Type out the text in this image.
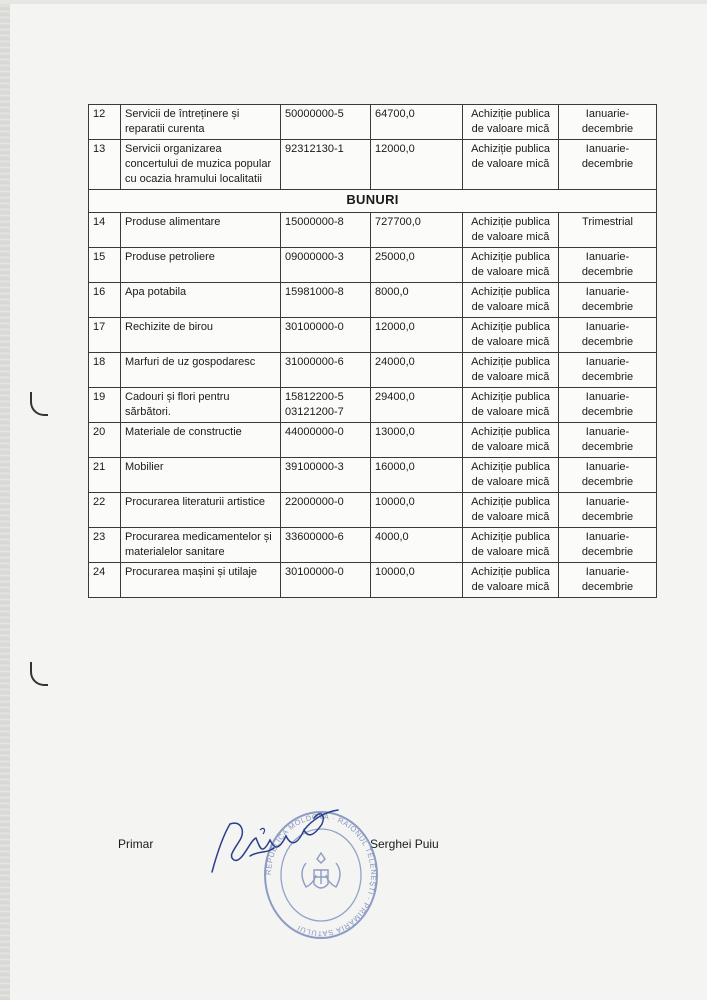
12	Servicii de întreținere și reparatii curenta	50000000-5	64700,0	Achiziție publica de valoare mică	Ianuarie-decembrie
13	Servicii organizarea concertului de muzica popular cu ocazia hramului localitatii	92312130-1	12000,0	Achiziție publica de valoare mică	Ianuarie-decembrie
BUNURI					
14	Produse alimentare	15000000-8	727700,0	Achiziție publica de valoare mică	Trimestrial
15	Produse petroliere	09000000-3	25000,0	Achiziție publica de valoare mică	Ianuarie-decembrie
16	Apa potabila	15981000-8	8000,0	Achiziție publica de valoare mică	Ianuarie-decembrie
17	Rechizite de birou	30100000-0	12000,0	Achiziție publica de valoare mică	Ianuarie-decembrie
18	Marfuri de uz gospodaresc	31000000-6	24000,0	Achiziție publica de valoare mică	Ianuarie-decembrie
19	Cadouri și flori pentru sărbători.	15812200-5 03121200-7	29400,0	Achiziție publica de valoare mică	Ianuarie-decembrie
20	Materiale de constructie	44000000-0	13000,0	Achiziție publica de valoare mică	Ianuarie-decembrie
21	Mobilier	39100000-3	16000,0	Achiziție publica de valoare mică	Ianuarie-decembrie
22	Procurarea literaturii artistice	22000000-0	10000,0	Achiziție publica de valoare mică	Ianuarie-decembrie
23	Procurarea medicamentelor și materialelor sanitare	33600000-6	4000,0	Achiziție publica de valoare mică	Ianuarie-decembrie
24	Procurarea mașini și utilaje	30100000-0	10000,0	Achiziție publica de valoare mică	Ianuarie-decembrie
Primar	Serghei Puiu
REPUBLICA MOLDOVA · RAIONUL TELENEȘTI · PRIMĂRIA SATULUI
